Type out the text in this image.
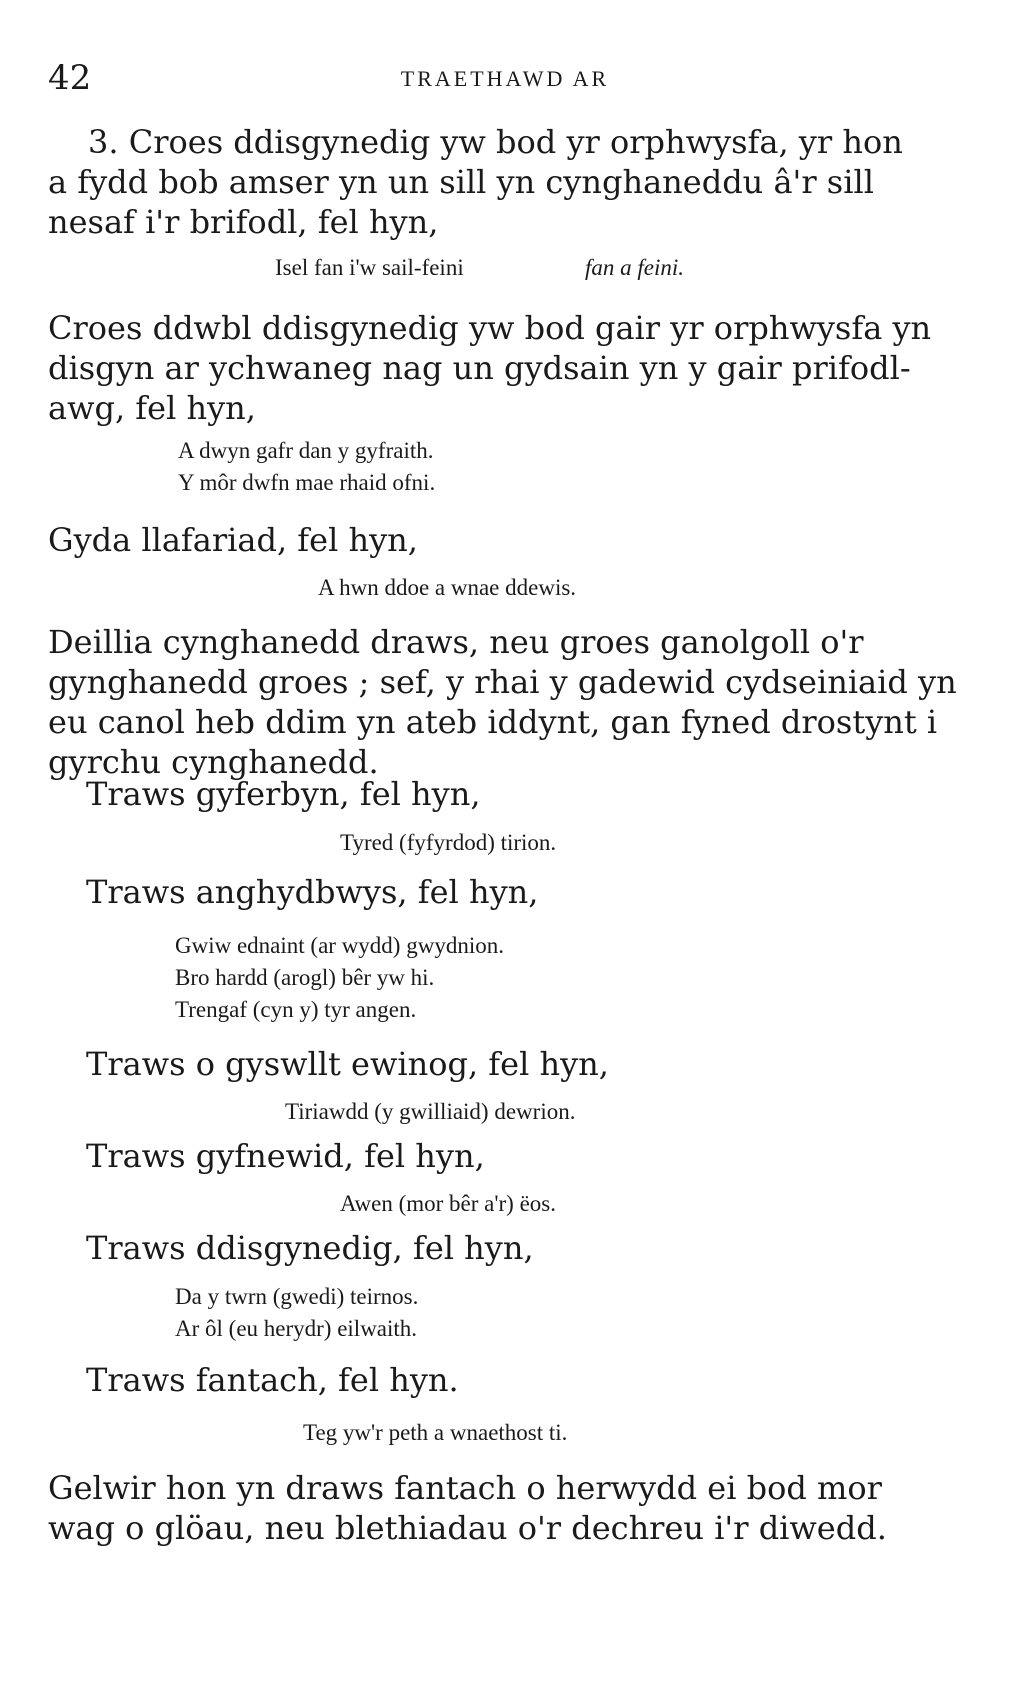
42	TRAETHAWD AR
3. Croes ddisgynedig yw bod yr orphwysfa, yr hon
a fydd bob amser yn un sill yn cynghaneddu â'r sill
nesaf i'r brifodl, fel hyn,
Isel fan i'w sail-feini	fan a feini.
Croes ddwbl ddisgynedig yw bod gair yr orphwysfa yn
disgyn ar ychwaneg nag un gydsain yn y gair prifodl-
awg, fel hyn,
A dwyn gafr dan y gyfraith.
Y môr dwfn mae rhaid ofni.
Gyda llafariad, fel hyn,
A hwn ddoe a wnae ddewis.
Deillia cynghanedd draws, neu groes ganolgoll o'r
gynghanedd groes ; sef, y rhai y gadewid cydseiniaid yn
eu canol heb ddim yn ateb iddynt, gan fyned drostynt i
gyrchu cynghanedd.
Traws gyferbyn, fel hyn,
Tyred (fyfyrdod) tirion.
Traws anghydbwys, fel hyn,
Gwiw ednaint (ar wydd) gwydnion.
Bro hardd (arogl) bêr yw hi.
Trengaf (cyn y) tyr angen.
Traws o gyswllt ewinog, fel hyn,
Tiriawdd (y gwilliaid) dewrion.
Traws gyfnewid, fel hyn,
Awen (mor bêr a'r) ëos.
Traws ddisgynedig, fel hyn,
Da y twrn (gwedi) teirnos.
Ar ôl (eu herydr) eilwaith.
Traws fantach, fel hyn.
Teg yw'r peth a wnaethost ti.
Gelwir hon yn draws fantach o herwydd ei bod mor
wag o glöau, neu blethiadau o'r dechreu i'r diwedd.
